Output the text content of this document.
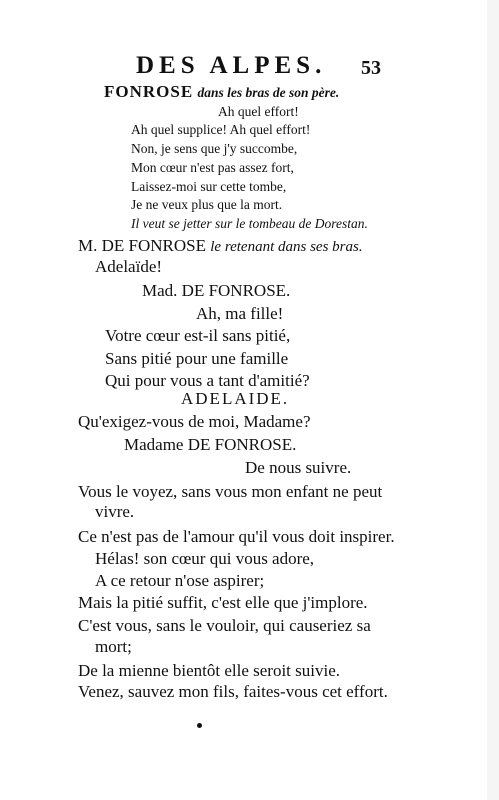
DES ALPES. 53
FONROSE dans les bras de son père.
Ah quel effort!
Ah quel supplice! Ah quel effort!
Non, je sens que j'y succombe,
Mon cœur n'est pas assez fort,
Laissez-moi sur cette tombe,
Je ne veux plus que la mort.
Il veut se jetter sur le tombeau de Dorestan.
M. DE FONROSE le retenant dans ses bras.
Adelaïde!
Mad. DE FONROSE.
Ah, ma fille!
Votre cœur est-il sans pitié,
Sans pitié pour une famille
Qui pour vous a tant d'amitié?
ADELAIDE.
Qu'exigez-vous de moi, Madame?
Madame DE FONROSE.
De nous suivre.
Vous le voyez, sans vous mon enfant ne peut
vivre.
Ce n'est pas de l'amour qu'il vous doit inspirer.
Hélas! son cœur qui vous adore,
A ce retour n'ose aspirer;
Mais la pitié suffit, c'est elle que j'implore.
C'est vous, sans le vouloir, qui causeriez sa
mort;
De la mienne bientôt elle seroit suivie.
Venez, sauvez mon fils, faites-vous cet effort.
